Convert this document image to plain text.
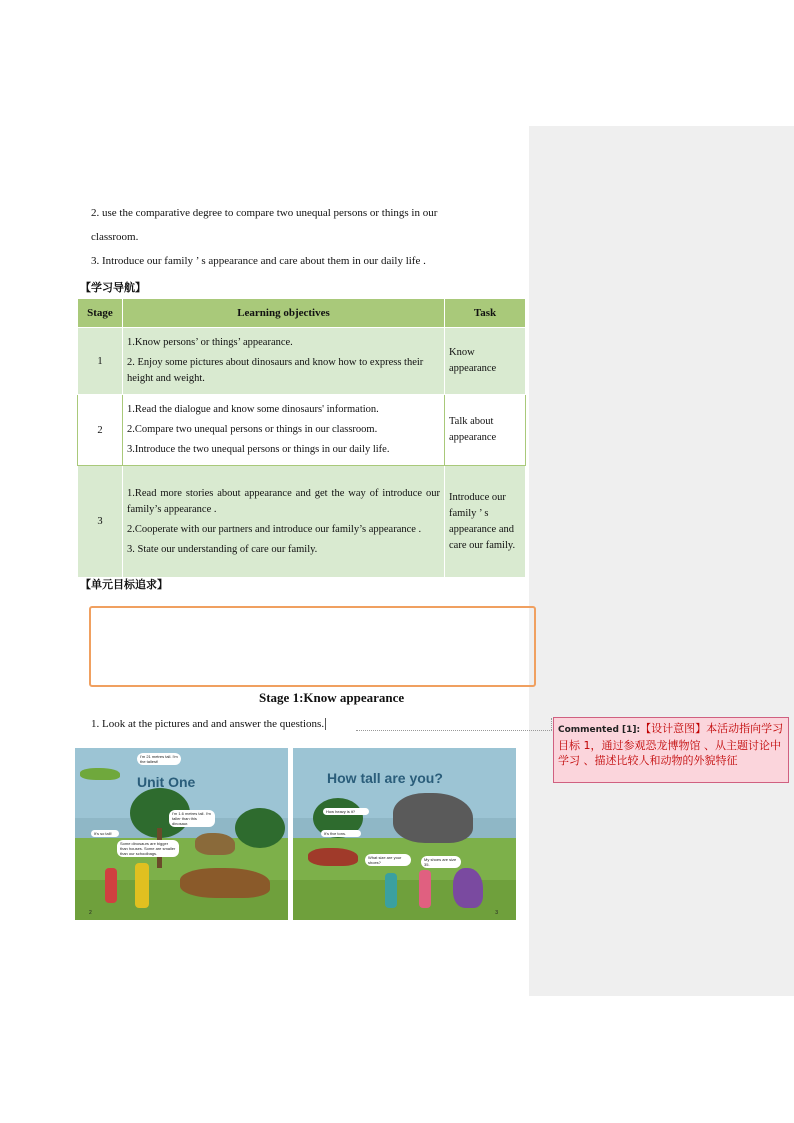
2. use the comparative degree to compare two unequal persons or things in our
classroom.
3. Introduce our family ’ s appearance and care about them in our daily life .
【学习导航】
Stage	Learning objectives	Task
1	1.Know persons’ or things’ appearance.

2. Enjoy some pictures about dinosaurs and know how to express their height and weight.	Know appearance
2	1.Read the dialogue and know some dinosaurs' information.

2.Compare two unequal persons or things in our classroom.

3.Introduce the two unequal persons or things in our daily life.	Talk about appearance
3	1.Read more stories about appearance and get the way of introduce our family’s appearance .

2.Cooperate with our partners and introduce our family’s appearance .

3. State our understanding of care our family.	Introduce our family ’ s appearance and care our family.
【单元目标追求】
Stage 1:Know appearance
1. Look at the pictures and and answer the questions.	Commented [1]:【设计意图】本活动指向学习目标 1，通过参观恐龙博物馆 、从主题讨论中学习 、描述比较人和动物的外貌特征
Unit One
I'm 21 metres tall. I'm the tallest!
I'm 1.6 metres tall. I'm taller than this dinosaur.
It's so tall!
Some dinosaurs are bigger than houses. Some are smaller than our schoolbags.
2
How tall are you?
How heavy is it?
It's five tons.
What size are your shoes?
My shoes are size 35.
3
